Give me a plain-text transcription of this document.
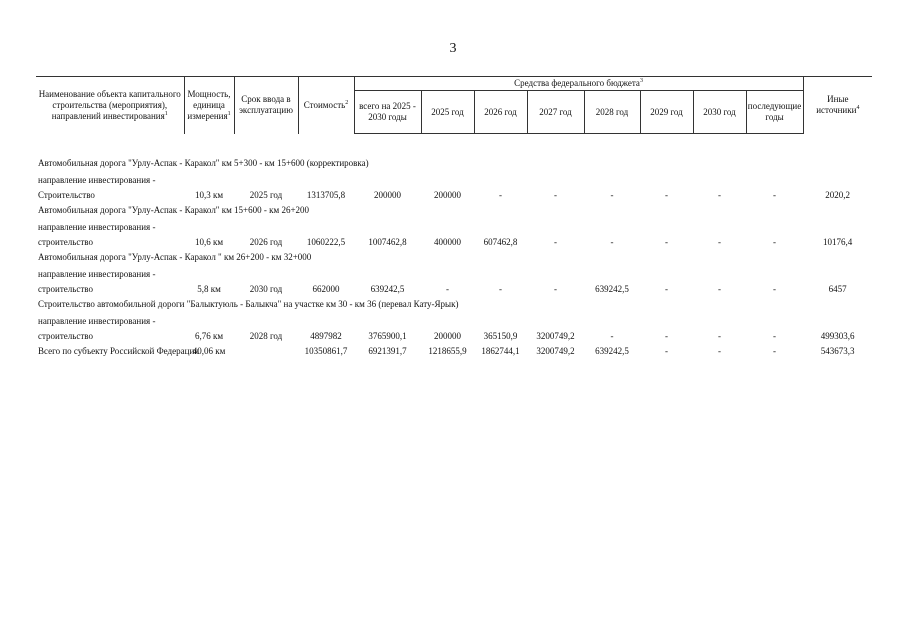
3
Наименование объекта капитального строительства (мероприятия), направлений инвестирования$^1$	Мощность, единица измерения$^1$	Срок ввода в эксплуатацию	Стоимость$^2$	Средства федерального бюджета$^3$								Иные источники$^4$
				всего на 2025 - 2030 годы	2025 год	2026 год	2027 год	2028 год	2029 год	2030 год	последующие годы	

Автомобильная дорога "Урлу-Аспак - Каракол" км 5+300 - км 15+600 (корректировка)												
направление инвестирования -												
Строительство	10,3 км	2025 год	1313705,8	200000	200000	-	-	-	-	-	-	2020,2
Автомобильная дорога "Урлу-Аспак - Каракол" км 15+600 - км 26+200												
направление инвестирования -												
строительство	10,6 км	2026 год	1060222,5	1007462,8	400000	607462,8	-	-	-	-	-	10176,4
Автомобильная дорога "Урлу-Аспак - Каракол " км 26+200 - км 32+000												
направление инвестирования -												
строительство	5,8 км	2030 год	662000	639242,5	-	-	-	639242,5	-	-	-	6457
Строительство автомобильной дороги "Балыктуюль - Балыкча" на участке км 30 - км 36 (перевал Кату-Ярык)												
направление инвестирования -												
строительство	6,76 км	2028 год	4897982	3765900,1	200000	365150,9	3200749,2	-	-	-	-	499303,6
Всего по субъекту Российской Федерации	40,06 км		10350861,7	6921391,7	1218655,9	1862744,1	3200749,2	639242,5	-	-	-	543673,3
